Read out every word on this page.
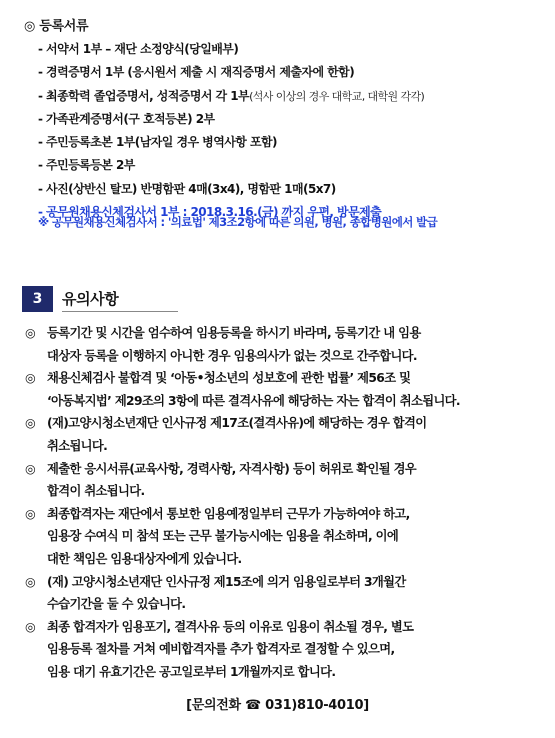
◎ 등록서류
- 서약서 1부 – 재단 소정양식(당일배부)
- 경력증명서 1부 (응시원서 제출 시 재직증명서 제출자에 한함)
- 최종학력 졸업증명서, 성적증명서 각 1부(석사 이상의 경우 대학교, 대학원 각각)
- 가족관계증명서(구 호적등본) 2부
- 주민등록초본 1부(남자일 경우 병역사항 포함)
- 주민등록등본 2부
- 사진(상반신 탈모) 반명함판 4매(3x4), 명함판 1매(5x7)
- 공무원채용신체검사서 1부 : 2018.3.16.(금) 까지 우편, 방문제출
※ 공무원채용신체검사서 : '의료법' 제3조2항에 따른 의원, 병원, 종합병원에서 발급
3	유의사항
◎ 등록기간 및 시간을 엄수하여 임용등록을 하시기 바라며, 등록기간 내 임용
대상자 등록을 이행하지 아니한 경우 임용의사가 없는 것으로 간주합니다.
◎ 채용신체검사 불합격 및 ‘아동•청소년의 성보호에 관한 법률’ 제56조 및
‘아동복지법’ 제29조의 3항에 따른 결격사유에 해당하는 자는 합격이 취소됩니다.
◎ (재)고양시청소년재단 인사규정 제17조(결격사유)에 해당하는 경우 합격이
취소됩니다.
◎ 제출한 응시서류(교육사항, 경력사항, 자격사항) 등이 허위로 확인될 경우
합격이 취소됩니다.
◎ 최종합격자는 재단에서 통보한 임용예정일부터 근무가 가능하여야 하고,
임용장 수여식 미 참석 또는 근무 불가능시에는 임용을 취소하며, 이에
대한 책임은 임용대상자에게 있습니다.
◎ (재) 고양시청소년재단 인사규정 제15조에 의거 임용일로부터 3개월간
수습기간을 둘 수 있습니다.
◎ 최종 합격자가 임용포기, 결격사유 등의 이유로 임용이 취소될 경우, 별도
임용등록 절차를 거쳐 예비합격자를 추가 합격자로 결정할 수 있으며,
임용 대기 유효기간은 공고일로부터 1개월까지로 합니다.
[문의전화 ☎ 031)810-4010]
